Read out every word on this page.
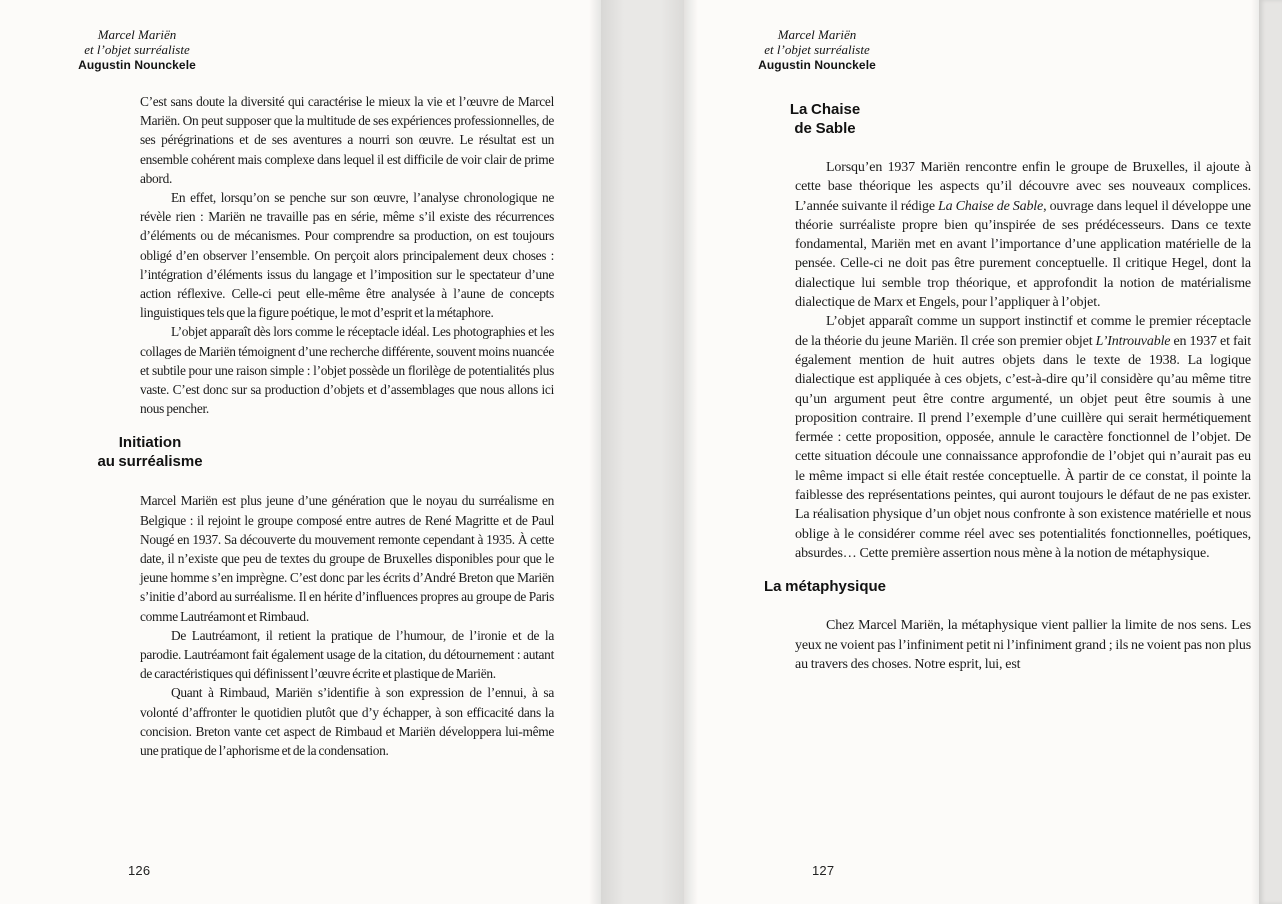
Marcel Mariën
et l’objet surréaliste
Augustin Nounckele

C’est sans doute la diversité qui caractérise le mieux la vie et l’œuvre de Marcel Mariën. On peut supposer que la multitude de ses expériences professionnelles, de ses pérégrinations et de ses aventures a nourri son œuvre. Le résultat est un ensemble cohérent mais complexe dans lequel il est difficile de voir clair de prime abord.

En effet, lorsqu’on se penche sur son œuvre, l’analyse chronologique ne révèle rien : Mariën ne travaille pas en série, même s’il existe des récurrences d’éléments ou de mécanismes. Pour comprendre sa production, on est toujours obligé d’en observer l’ensemble. On perçoit alors principalement deux choses : l’intégration d’éléments issus du langage et l’imposition sur le spectateur d’une action réflexive. Celle-ci peut elle-même être analysée à l’aune de concepts linguistiques tels que la figure poétique, le mot d’esprit et la métaphore.

L’objet apparaît dès lors comme le réceptacle idéal. Les photographies et les collages de Mariën témoignent d’une recherche différente, souvent moins nuancée et subtile pour une raison simple : l’objet possède un florilège de potentialités plus vaste. C’est donc sur sa production d’objets et d’assemblages que nous allons ici nous pencher.

Initiation
au surréalisme

Marcel Mariën est plus jeune d’une génération que le noyau du surréalisme en Belgique : il rejoint le groupe composé entre autres de René Magritte et de Paul Nougé en 1937. Sa découverte du mouvement remonte cependant à 1935. À cette date, il n’existe que peu de textes du groupe de Bruxelles disponibles pour que le jeune homme s’en imprègne. C’est donc par les écrits d’André Breton que Mariën s’initie d’abord au surréalisme. Il en hérite d’influences propres au groupe de Paris comme Lautréamont et Rimbaud.

De Lautréamont, il retient la pratique de l’humour, de l’ironie et de la parodie. Lautréamont fait également usage de la citation, du détournement : autant de caractéristiques qui définissent l’œuvre écrite et plastique de Mariën.

Quant à Rimbaud, Mariën s’identifie à son expression de l’ennui, à sa volonté d’affronter le quotidien plutôt que d’y échapper, à son efficacité dans la concision. Breton vante cet aspect de Rimbaud et Mariën développera lui-même une pratique de l’aphorisme et de la condensation.

126
Marcel Mariën
et l’objet surréaliste
Augustin Nounckele
La Chaise
de Sable

Lorsqu’en 1937 Mariën rencontre enfin le groupe de Bruxelles, il ajoute à cette base théorique les aspects qu’il découvre avec ses nouveaux complices. L’année suivante il rédige La Chaise de Sable, ouvrage dans lequel il développe une théorie surréaliste propre bien qu’inspirée de ses prédécesseurs. Dans ce texte fondamental, Mariën met en avant l’importance d’une application matérielle de la pensée. Celle-ci ne doit pas être purement conceptuelle. Il critique Hegel, dont la dialectique lui semble trop théorique, et approfondit la notion de matérialisme dialectique de Marx et Engels, pour l’appliquer à l’objet.

L’objet apparaît comme un support instinctif et comme le premier réceptacle de la théorie du jeune Mariën. Il crée son premier objet L’Introuvable en 1937 et fait également mention de huit autres objets dans le texte de 1938. La logique dialectique est appliquée à ces objets, c’est-à-dire qu’il considère qu’au même titre qu’un argument peut être contre argumenté, un objet peut être soumis à une proposition contraire. Il prend l’exemple d’une cuillère qui serait hermétiquement fermée : cette proposition, opposée, annule le caractère fonctionnel de l’objet. De cette situation découle une connaissance approfondie de l’objet qui n’aurait pas eu le même impact si elle était restée conceptuelle. À partir de ce constat, il pointe la faiblesse des représentations peintes, qui auront toujours le défaut de ne pas exister. La réalisation physique d’un objet nous confronte à son existence matérielle et nous oblige à le considérer comme réel avec ses potentialités fonctionnelles, poétiques, absurdes… Cette première assertion nous mène à la notion de métaphysique.

La métaphysique

Chez Marcel Mariën, la métaphysique vient pallier la limite de nos sens. Les yeux ne voient pas l’infiniment petit ni l’infiniment grand ; ils ne voient pas non plus au travers des choses. Notre esprit, lui, est

127
